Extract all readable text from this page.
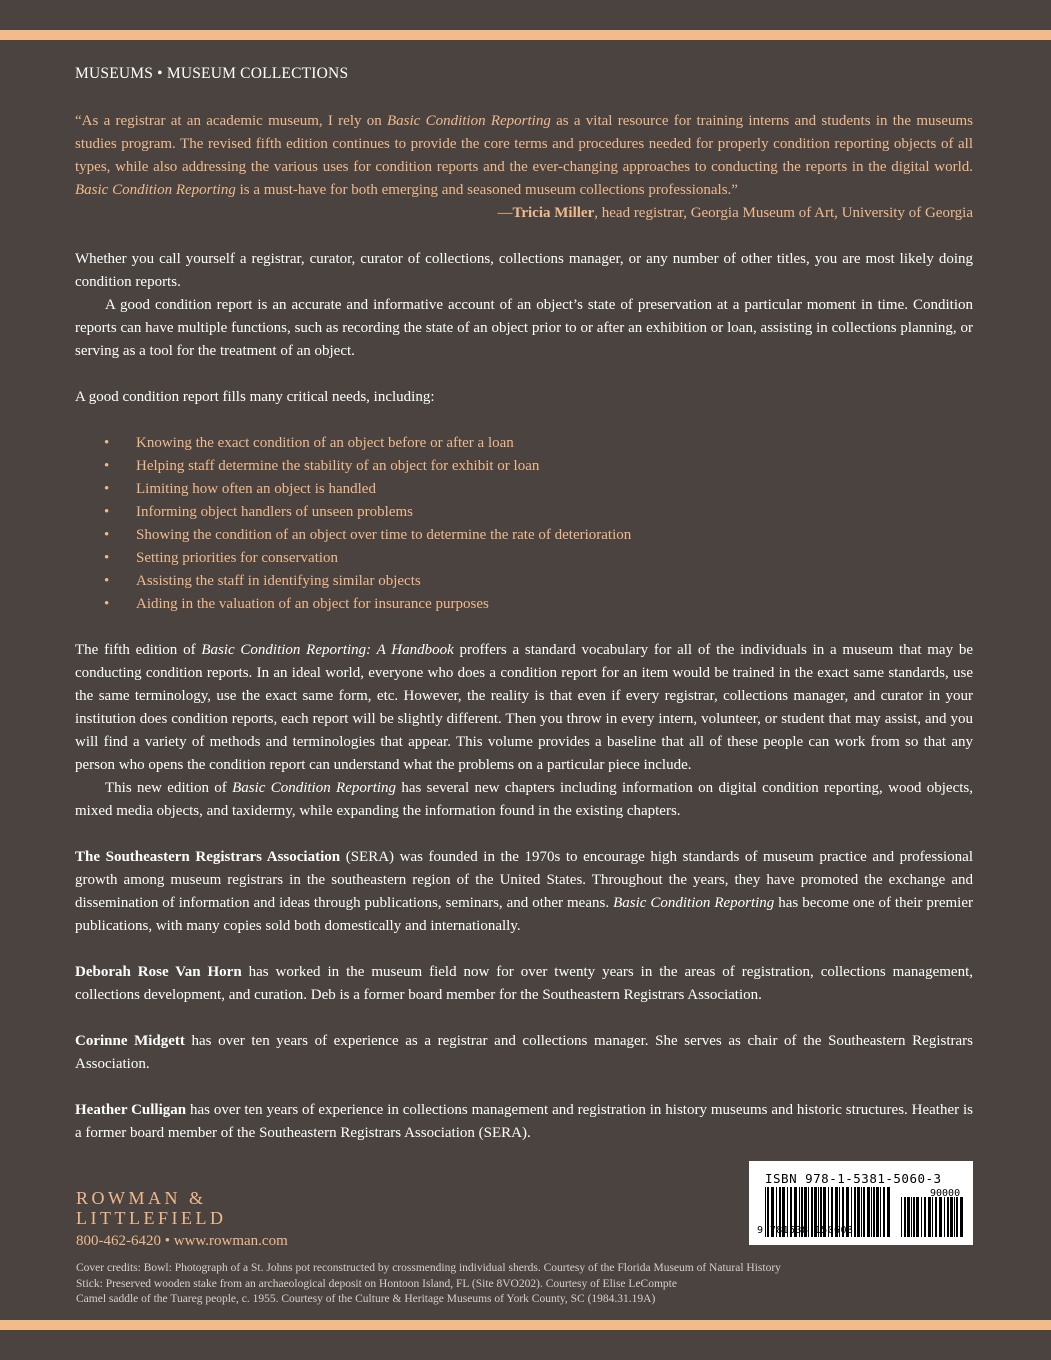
MUSEUMS • MUSEUM COLLECTIONS
“As a registrar at an academic museum, I rely on Basic Condition Reporting as a vital resource for training interns and students in the museums studies program. The revised fifth edition continues to provide the core terms and procedures needed for properly condition reporting objects of all types, while also addressing the various uses for condition reports and the ever-changing approaches to conducting the reports in the digital world. Basic Condition Reporting is a must-have for both emerging and seasoned museum collections professionals.”
—Tricia Miller, head registrar, Georgia Museum of Art, University of Georgia

Whether you call yourself a registrar, curator, curator of collections, collections manager, or any number of other titles, you are most likely doing condition reports.

A good condition report is an accurate and informative account of an object’s state of preservation at a particular moment in time. Condition reports can have multiple functions, such as recording the state of an object prior to or after an exhibition or loan, assisting in collections planning, or serving as a tool for the treatment of an object.

A good condition report fills many critical needs, including:
• Knowing the exact condition of an object before or after a loan
• Helping staff determine the stability of an object for exhibit or loan
• Limiting how often an object is handled
• Informing object handlers of unseen problems
• Showing the condition of an object over time to determine the rate of deterioration
• Setting priorities for conservation
• Assisting the staff in identifying similar objects
• Aiding in the valuation of an object for insurance purposes

The fifth edition of Basic Condition Reporting: A Handbook proffers a standard vocabulary for all of the individuals in a museum that may be conducting condition reports. In an ideal world, everyone who does a condition report for an item would be trained in the exact same standards, use the same terminology, use the exact same form, etc. However, the reality is that even if every registrar, collections manager, and curator in your institution does condition reports, each report will be slightly different. Then you throw in every intern, volunteer, or student that may assist, and you will find a variety of methods and terminologies that appear. This volume provides a baseline that all of these people can work from so that any person who opens the condition report can understand what the problems on a particular piece include.

This new edition of Basic Condition Reporting has several new chapters including information on digital condition reporting, wood objects, mixed media objects, and taxidermy, while expanding the information found in the existing chapters.

The Southeastern Registrars Association (SERA) was founded in the 1970s to encourage high standards of museum practice and professional growth among museum registrars in the southeastern region of the United States. Throughout the years, they have promoted the exchange and dissemination of information and ideas through publications, seminars, and other means. Basic Condition Reporting has become one of their premier publications, with many copies sold both domestically and internationally.
Deborah Rose Van Horn has worked in the museum field now for over twenty years in the areas of registration, collections management, collections development, and curation. Deb is a former board member for the Southeastern Registrars Association.
Corinne Midgett has over ten years of experience as a registrar and collections manager. She serves as chair of the Southeastern Registrars Association.
Heather Culligan has over ten years of experience in collections management and registration in history museums and historic structures. Heather is a former board member of the Southeastern Registrars Association (SERA).
ROWMAN &
LITTLEFIELD
800-462-6420 • www.rowman.com
Cover credits: Bowl: Photograph of a St. Johns pot reconstructed by crossmending individual sherds. Courtesy of the Florida Museum of Natural History
Stick: Preserved wooden stake from an archaeological deposit on Hontoon Island, FL (Site 8VO202). Courtesy of Elise LeCompte
Camel saddle of the Tuareg people, c. 1955. Courtesy of the Culture & Heritage Museums of York County, SC (1984.31.19A)
ISBN 978-1-5381-5060-3
90000
9 781538 150603
